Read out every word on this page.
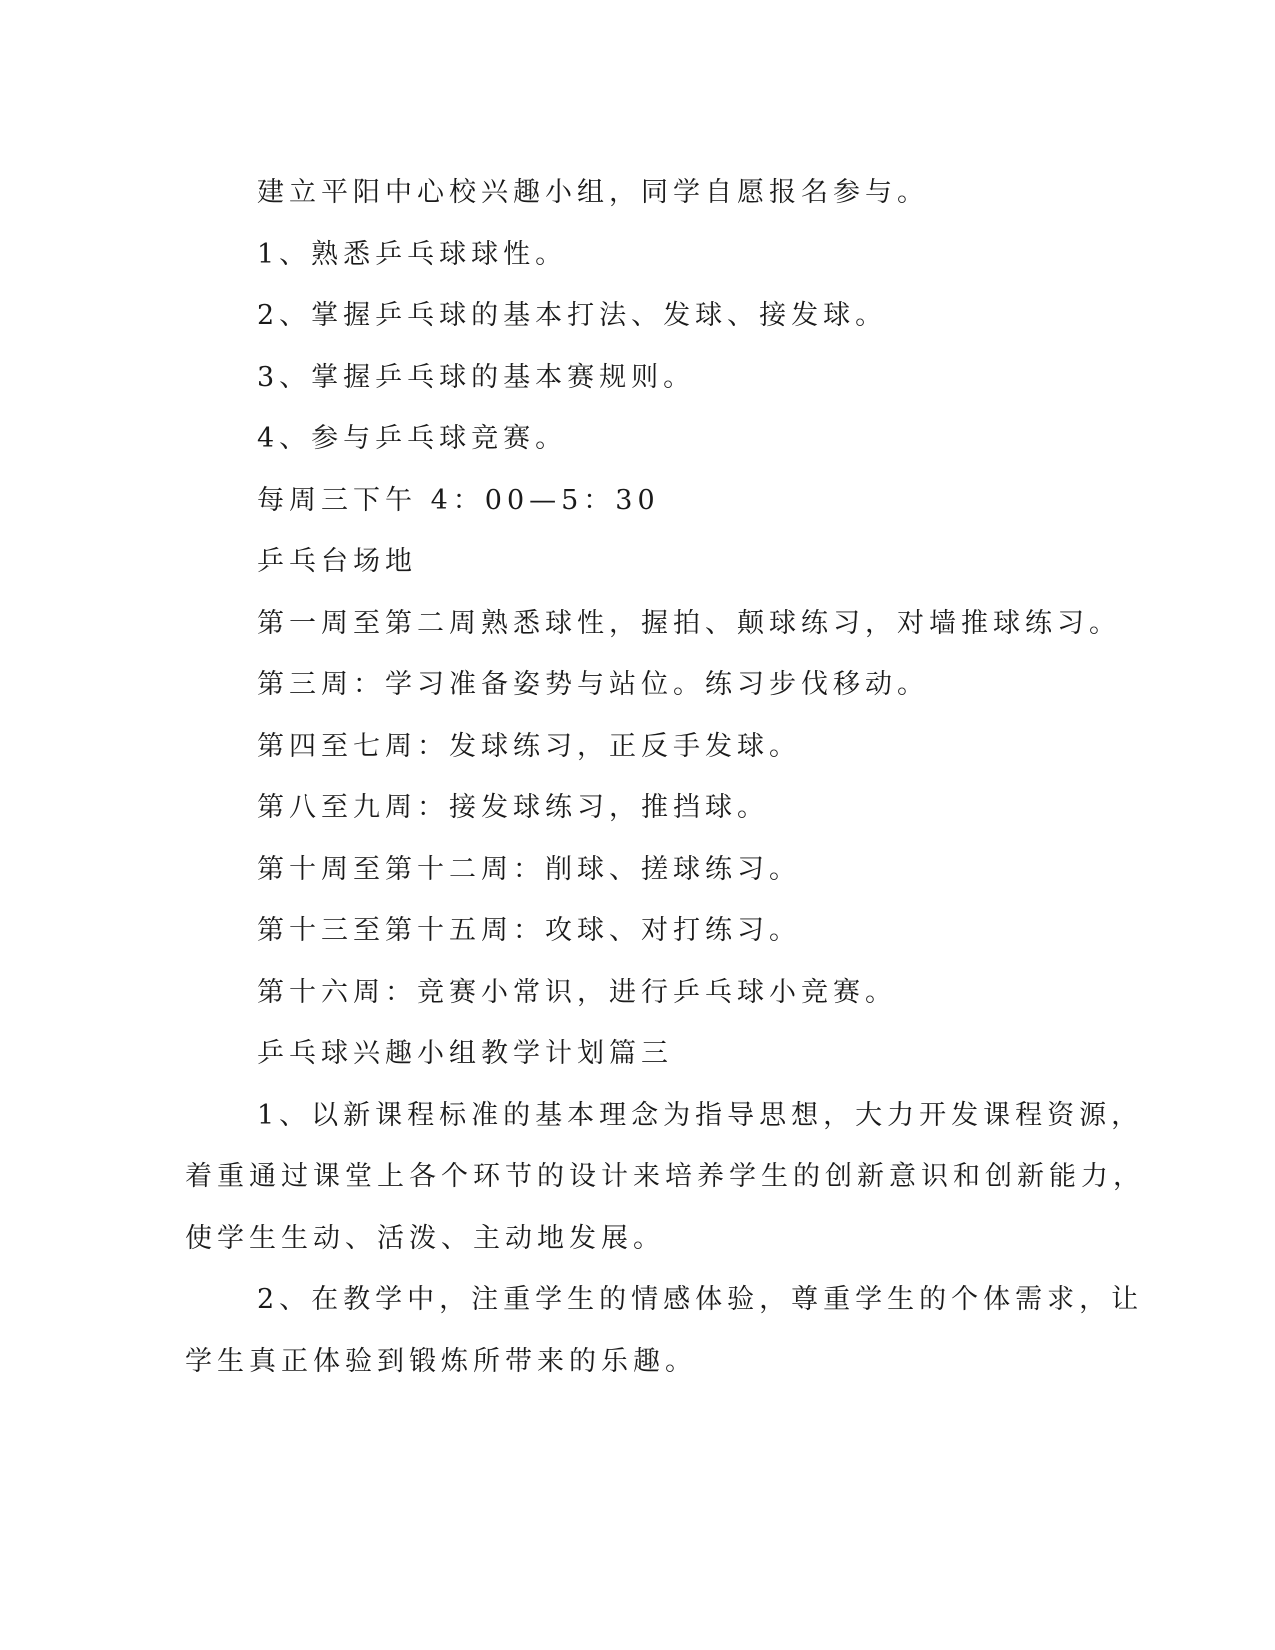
建立平阳中心校兴趣小组，同学自愿报名参与。
1、熟悉乒乓球球性。
2、掌握乒乓球的基本打法、发球、接发球。
3、掌握乒乓球的基本赛规则。
4、参与乒乓球竞赛。
每周三下午 4：00—5：30
乒乓台场地
第一周至第二周熟悉球性，握拍、颠球练习，对墙推球练习。
第三周：学习准备姿势与站位。练习步伐移动。
第四至七周：发球练习，正反手发球。
第八至九周：接发球练习，推挡球。
第十周至第十二周：削球、搓球练习。
第十三至第十五周：攻球、对打练习。
第十六周：竞赛小常识，进行乒乓球小竞赛。
乒乓球兴趣小组教学计划篇三
1、以新课程标准的基本理念为指导思想，大力开发课程资源，
着重通过课堂上各个环节的设计来培养学生的创新意识和创新能力，
使学生生动、活泼、主动地发展。
2、在教学中，注重学生的情感体验，尊重学生的个体需求，让
学生真正体验到锻炼所带来的乐趣。
